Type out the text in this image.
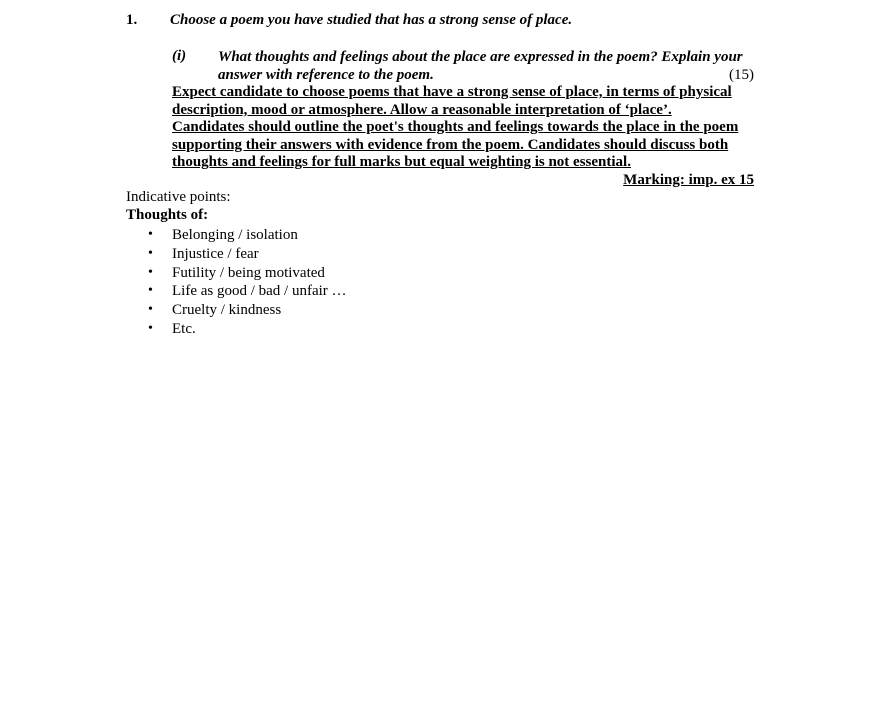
1. Choose a poem you have studied that has a strong sense of place.
(i) What thoughts and feelings about the place are expressed in the poem? Explain your answer with reference to the poem.	(15)
Expect candidate to choose poems that have a strong sense of place, in terms of physical
description, mood or atmosphere. Allow a reasonable interpretation of ‘place’.
Candidates should outline the poet's thoughts and feelings towards the place in the poem
supporting their answers with evidence from the poem. Candidates should discuss both
thoughts and feelings for full marks but equal weighting is not essential.
Marking: imp. ex 15
Indicative points:
Thoughts of:
• Belonging / isolation
• Injustice / fear
• Futility / being motivated
• Life as good / bad / unfair …
• Cruelty / kindness
• Etc.
